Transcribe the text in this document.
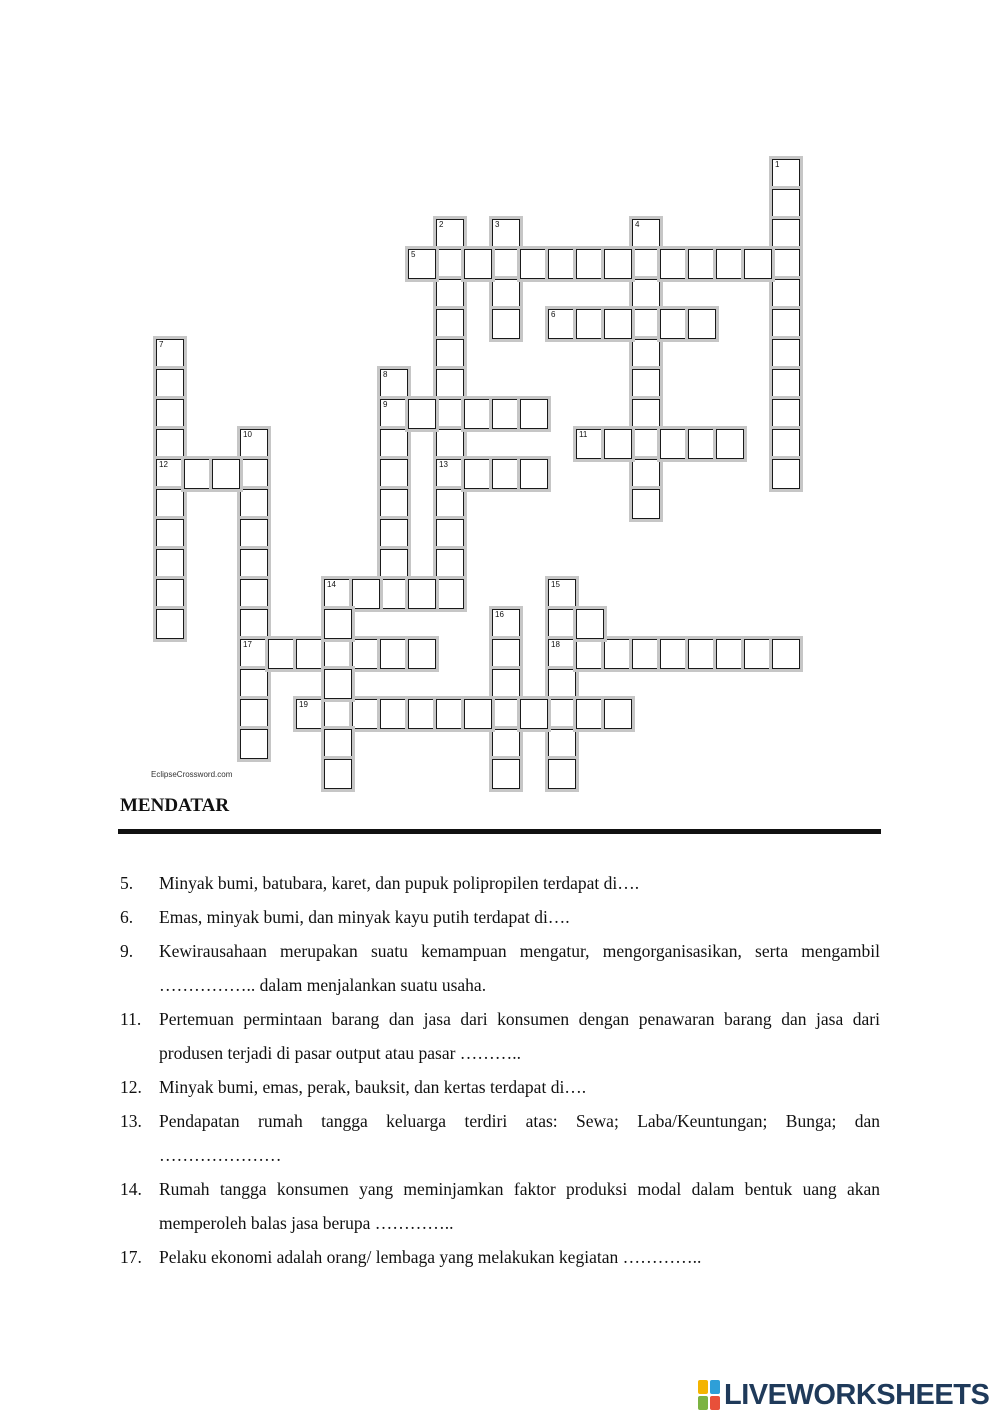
1
2
13
3	4
5
6
7
12
8
9
10
17
11
14	15
18
16
19
EclipseCrossword.com
MENDATAR
5.	Minyak bumi, batubara, karet, dan pupuk polipropilen terdapat di….
6.	Emas, minyak bumi, dan minyak kayu putih terdapat di….
9.	Kewirausahaan merupakan suatu kemampuan mengatur, mengorganisasikan, serta mengambil …………….. dalam menjalankan suatu usaha.
11.	Pertemuan permintaan barang dan jasa dari konsumen dengan penawaran barang dan jasa dari produsen terjadi di pasar output atau pasar ………..
12. Minyak bumi, emas, perak, bauksit, dan kertas terdapat di….
13. Pendapatan rumah tangga keluarga terdiri atas: Sewa; Laba/Keuntungan; Bunga; dan …………………
14. Rumah tangga konsumen yang meminjamkan faktor produksi modal dalam bentuk uang akan memperoleh balas jasa berupa …………..
17. Pelaku ekonomi adalah orang/ lembaga yang melakukan kegiatan …………..
LIVEWORKSHEETS
